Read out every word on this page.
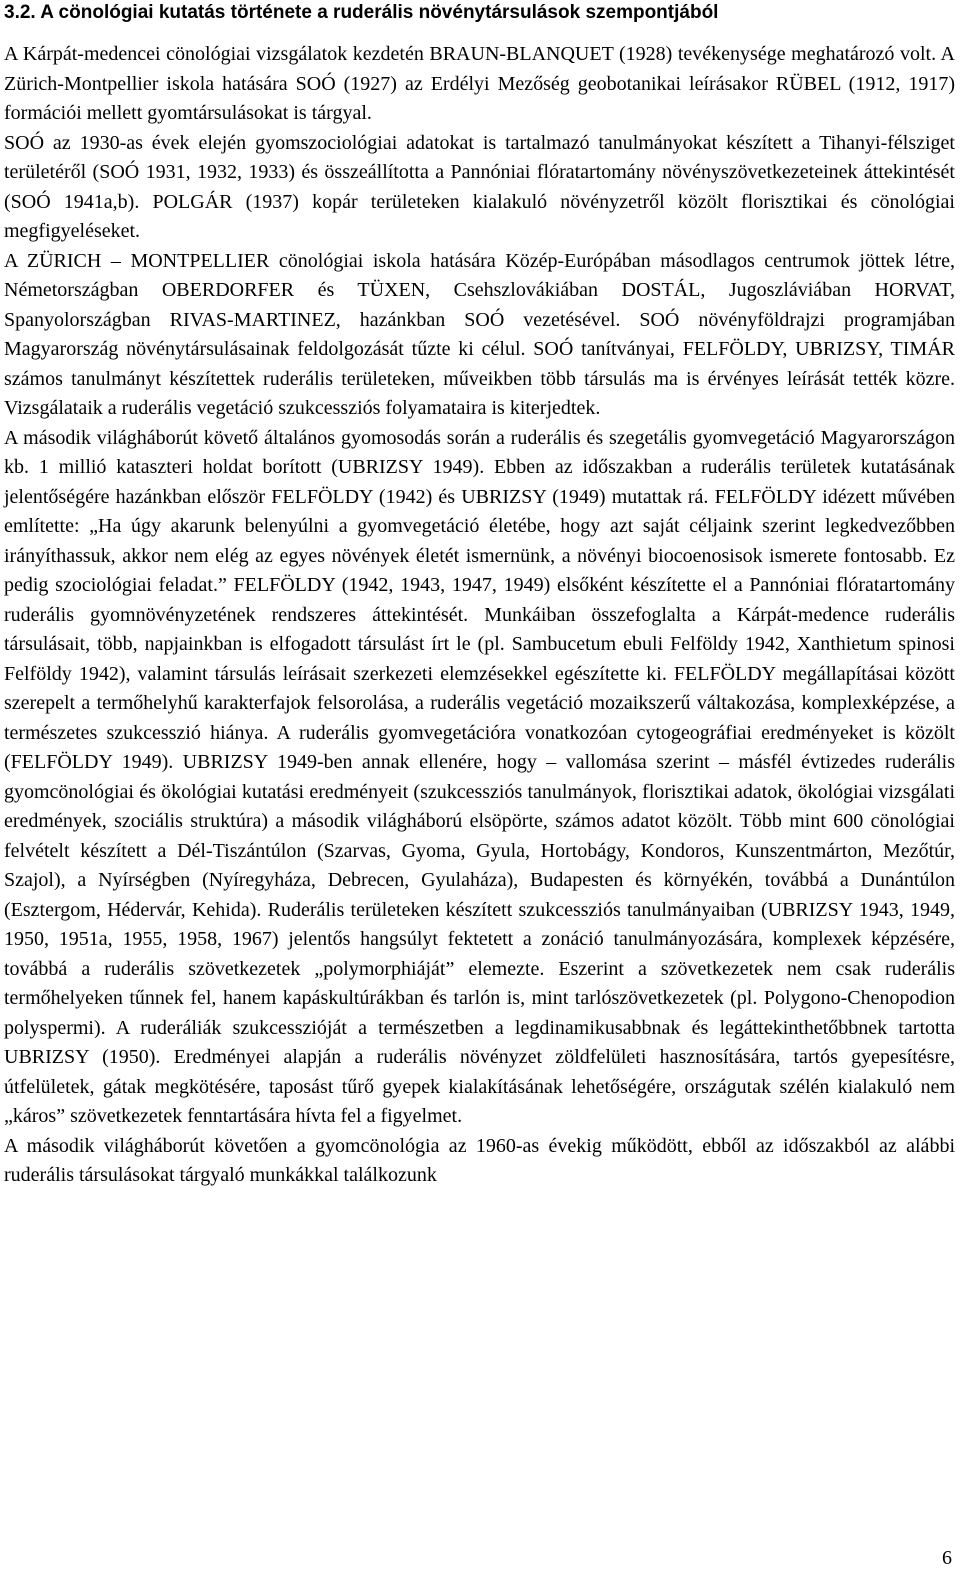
3.2. A cönológiai kutatás története a ruderális növénytársulások szempontjából
A Kárpát-medencei cönológiai vizsgálatok kezdetén BRAUN-BLANQUET (1928) tevékenysége meghatározó volt. A Zürich-Montpellier iskola hatására SOÓ (1927) az Erdélyi Mezőség geobotanikai leírásakor RÜBEL (1912, 1917) formációi mellett gyomtársulásokat is tárgyal.
SOÓ az 1930-as évek elején gyomszociológiai adatokat is tartalmazó tanulmányokat készített a Tihanyi-félsziget területéről (SOÓ 1931, 1932, 1933) és összeállította a Pannóniai flóratartomány növényszövetkezeteinek áttekintését (SOÓ 1941a,b). POLGÁR (1937) kopár területeken kialakuló növényzetről közölt florisztikai és cönológiai megfigyeléseket.
A ZÜRICH – MONTPELLIER cönológiai iskola hatására Közép-Európában másodlagos centrumok jöttek létre, Németországban OBERDORFER és TÜXEN, Csehszlovákiában DOSTÁL, Jugoszláviában HORVAT, Spanyolországban RIVAS-MARTINEZ, hazánkban SOÓ vezetésével. SOÓ növényföldrajzi programjában Magyarország növénytársulásainak feldolgozását tűzte ki célul. SOÓ tanítványai, FELFÖLDY, UBRIZSY, TIMÁR számos tanulmányt készítettek ruderális területeken, műveikben több társulás ma is érvényes leírását tették közre. Vizsgálataik a ruderális vegetáció szukcessziós folyamataira is kiterjedtek.
A második világháborút követő általános gyomosodás során a ruderális és szegetális gyomvegetáció Magyarországon kb. 1 millió kataszteri holdat borított (UBRIZSY 1949). Ebben az időszakban a ruderális területek kutatásának jelentőségére hazánkban először FELFÖLDY (1942) és UBRIZSY (1949) mutattak rá. FELFÖLDY idézett művében említette: „Ha úgy akarunk belenyúlni a gyomvegetáció életébe, hogy azt saját céljaink szerint legkedvezőbben irányíthassuk, akkor nem elég az egyes növények életét ismernünk, a növényi biocoenosisok ismerete fontosabb. Ez pedig szociológiai feladat.” FELFÖLDY (1942, 1943, 1947, 1949) elsőként készítette el a Pannóniai flóratartomány ruderális gyomnövényzetének rendszeres áttekintését. Munkáiban összefoglalta a Kárpát-medence ruderális társulásait, több, napjainkban is elfogadott társulást írt le (pl. Sambucetum ebuli Felföldy 1942, Xanthietum spinosi Felföldy 1942), valamint társulás leírásait szerkezeti elemzésekkel egészítette ki. FELFÖLDY megállapításai között szerepelt a termőhelyhű karakterfajok felsorolása, a ruderális vegetáció mozaikszerű váltakozása, komplexképzése, a természetes szukcesszió hiánya. A ruderális gyomvegetációra vonatkozóan cytogeográfiai eredményeket is közölt (FELFÖLDY 1949). UBRIZSY 1949-ben annak ellenére, hogy – vallomása szerint – másfél évtizedes ruderális gyomcönológiai és ökológiai kutatási eredményeit (szukcessziós tanulmányok, florisztikai adatok, ökológiai vizsgálati eredmények, szociális struktúra) a második világháború elsöpörte, számos adatot közölt. Több mint 600 cönológiai felvételt készített a Dél-Tiszántúlon (Szarvas, Gyoma, Gyula, Hortobágy, Kondoros, Kunszentmárton, Mezőtúr, Szajol), a Nyírségben (Nyíregyháza, Debrecen, Gyulaháza), Budapesten és környékén, továbbá a Dunántúlon (Esztergom, Hédervár, Kehida). Ruderális területeken készített szukcessziós tanulmányaiban (UBRIZSY 1943, 1949, 1950, 1951a, 1955, 1958, 1967) jelentős hangsúlyt fektetett a zonáció tanulmányozására, komplexek képzésére, továbbá a ruderális szövetkezetek „polymorphiáját” elemezte. Eszerint a szövetkezetek nem csak ruderális termőhelyeken tűnnek fel, hanem kapáskultúrákban és tarlón is, mint tarlószövetkezetek (pl. Polygono-Chenopodion polyspermi). A ruderáliák szukcesszióját a természetben a legdinamikusabbnak és legáttekinthetőbbnek tartotta UBRIZSY (1950). Eredményei alapján a ruderális növényzet zöldfelületi hasznosítására, tartós gyepesítésre, útfelületek, gátak megkötésére, taposást tűrő gyepek kialakításának lehetőségére, országutak szélén kialakuló nem „káros” szövetkezetek fenntartására hívta fel a figyelmet.
A második világháborút követően a gyomcönológia az 1960-as évekig működött, ebből az időszakból az alábbi ruderális társulásokat tárgyaló munkákkal találkozunk
6
